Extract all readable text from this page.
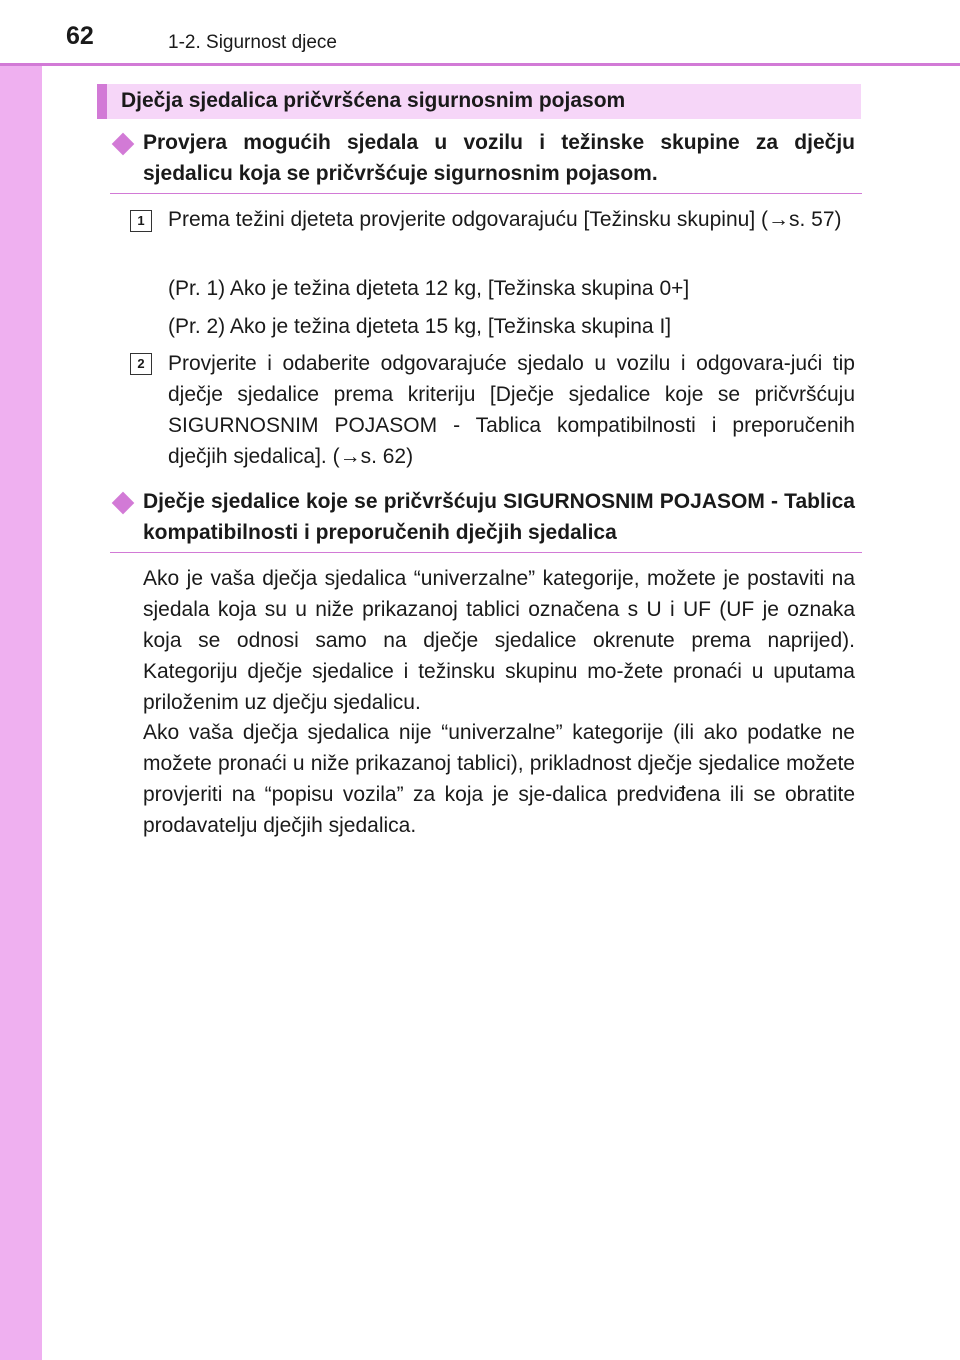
62	1-2. Sigurnost djece
Dječja sjedalica pričvršćena sigurnosnim pojasom
Provjera mogućih sjedala u vozilu i težinske skupine za dječju sjedalicu koja se pričvršćuje sigurnosnim pojasom.
1	Prema težini djeteta provjerite odgovarajuću [Težinsku skupinu] (→s. 57)
(Pr. 1) Ako je težina djeteta 12 kg, [Težinska skupina 0+]
(Pr. 2) Ako je težina djeteta 15 kg, [Težinska skupina I]
2	Provjerite i odaberite odgovarajuće sjedalo u vozilu i odgovara-jući tip dječje sjedalice prema kriteriju [Dječje sjedalice koje se pričvršćuju SIGURNOSNIM POJASOM - Tablica kompatibilnosti i preporučenih dječjih sjedalica]. (→s. 62)
Dječje sjedalice koje se pričvršćuju SIGURNOSNIM POJASOM - Tablica kompatibilnosti i preporučenih dječjih sjedalica
Ako je vaša dječja sjedalica “univerzalne” kategorije, možete je postaviti na sjedala koja su u niže prikazanoj tablici označena s U i UF (UF je oznaka koja se odnosi samo na dječje sjedalice okrenute prema naprijed). Kategoriju dječje sjedalice i težinsku skupinu mo-žete pronaći u uputama priloženim uz dječju sjedalicu.
Ako vaša dječja sjedalica nije “univerzalne” kategorije (ili ako podatke ne možete pronaći u niže prikazanoj tablici), prikladnost dječje sjedalice možete provjeriti na “popisu vozila” za koja je sje-dalica predviđena ili se obratite prodavatelju dječjih sjedalica.
